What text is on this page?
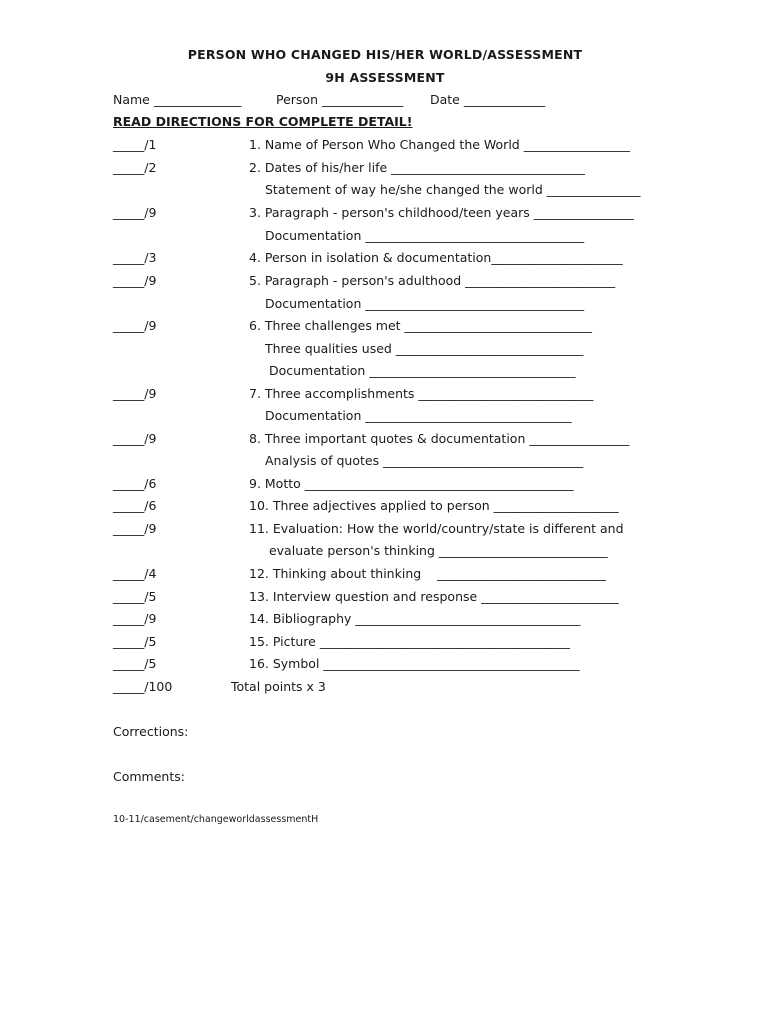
PERSON WHO CHANGED HIS/HER WORLD/ASSESSMENT
9H ASSESSMENT
Name ______________	Person _____________ Date _____________
READ DIRECTIONS FOR COMPLETE DETAIL!
_____/1	1. Name of Person Who Changed the World _________________
_____/2	2. Dates of his/her life _______________________________
Statement of way he/she changed the world _______________
_____/9	3. Paragraph - person's childhood/teen years ________________
Documentation ___________________________________
_____/3	4. Person in isolation & documentation_____________________
_____/9	5. Paragraph - person's adulthood ________________________
Documentation ___________________________________
_____/9	6. Three challenges met ______________________________
Three qualities used ______________________________
Documentation _________________________________
_____/9	7. Three accomplishments ____________________________
Documentation _________________________________
_____/9	8. Three important quotes & documentation ________________
Analysis of quotes ________________________________
_____/6	9. Motto ___________________________________________
_____/6	10. Three adjectives applied to person ____________________
_____/9	11. Evaluation: How the world/country/state is different and
evaluate person's thinking ___________________________
_____/4	12. Thinking about thinking    ___________________________
_____/5	13. Interview question and response ______________________
_____/9	14. Bibliography ____________________________________
_____/5	15. Picture ________________________________________
_____/5	16. Symbol _________________________________________
_____/100	Total points x 3
Corrections:
Comments:
10-11/casement/changeworldassessmentH
